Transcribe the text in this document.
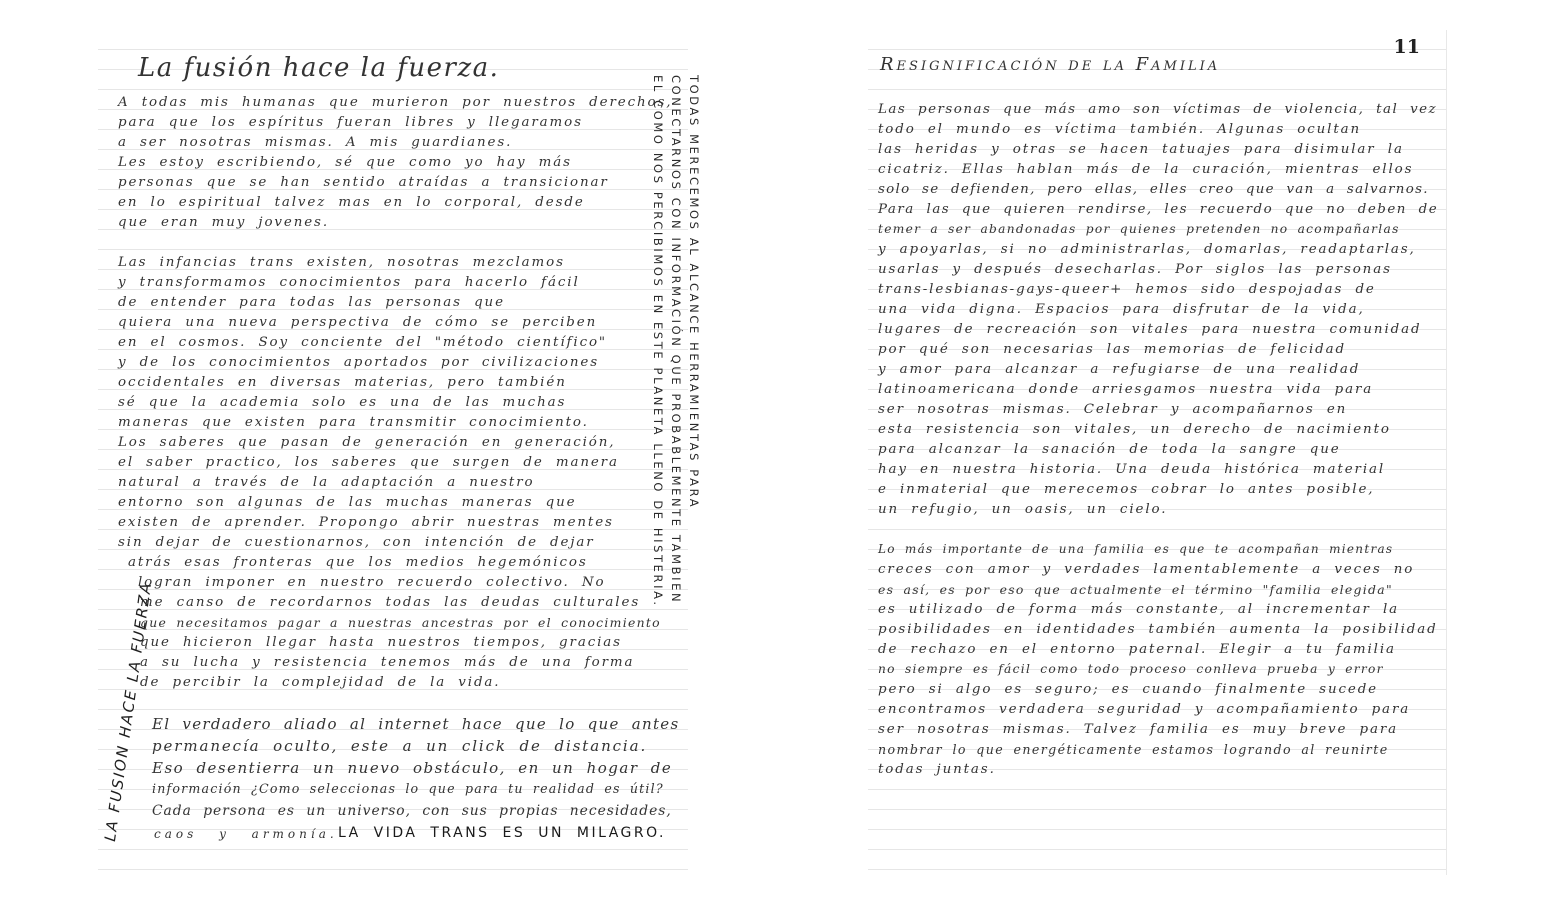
La fusión hace la fuerza.
A todas mis humanas que murieron por nuestros derechos,
para que los espíritus fueran libres y llegaramos
a ser nosotras mismas. A mis guardianes.
Les estoy escribiendo, sé que como yo hay más
personas que se han sentido atraídas a transicionar
en lo espiritual talvez mas en lo corporal, desde
que eran muy jovenes.
Las infancias trans existen, nosotras mezclamos
y transformamos conocimientos para hacerlo fácil
de entender para todas las personas que
quiera una nueva perspectiva de cómo se perciben
en el cosmos. Soy conciente del "método científico"
y de los conocimientos aportados por civilizaciones
occidentales en diversas materias, pero también
sé que la academia solo es una de las muchas
maneras que existen para transmitir conocimiento.
Los saberes que pasan de generación en generación,
el saber practico, los saberes que surgen de manera
natural a través de la adaptación a nuestro
entorno son algunas de las muchas maneras que
existen de aprender. Propongo abrir nuestras mentes
sin dejar de cuestionarnos, con intención de dejar
atrás esas fronteras que los medios hegemónicos
logran imponer en nuestro recuerdo colectivo. No
me canso de recordarnos todas las deudas culturales
que necesitamos pagar a nuestras ancestras por el conocimiento
que hicieron llegar hasta nuestros tiempos, gracias
a su lucha y resistencia tenemos más de una forma
de percibir la complejidad de la vida.
El verdadero aliado al internet hace que lo que antes
permanecía oculto, este a un click de distancia.
Eso desentierra un nuevo obstáculo, en un hogar de
información ¿Como seleccionas lo que para tu realidad es útil?
Cada persona es un universo, con sus propias necesidades,
caos y armonía. LA VIDA TRANS ES UN MILAGRO.
TODAS MERECEMOS AL ALCANCE HERRAMIENTAS PARA
CONECTARNOS CON INFORMACIÓN QUE PROBABLEMENTE TAMBIEN
EL COMO NOS PERCIBIMOS EN ESTE PLANETA LLENO DE HISTERIA.
LA FUSION HACE LA FUERZA
11
Resignificación de la Familia
Las personas que más amo son víctimas de violencia, tal vez
todo el mundo es víctima también. Algunas ocultan
las heridas y otras se hacen tatuajes para disimular la
cicatriz. Ellas hablan más de la curación, mientras ellos
solo se defienden, pero ellas, elles creo que van a salvarnos.
Para las que quieren rendirse, les recuerdo que no deben de
temer a ser abandonadas por quienes pretenden no acompañarlas
y apoyarlas, si no administrarlas, domarlas, readaptarlas,
usarlas y después desecharlas. Por siglos las personas
trans-lesbianas-gays-queer+ hemos sido despojadas de
una vida digna. Espacios para disfrutar de la vida,
lugares de recreación son vitales para nuestra comunidad
por qué son necesarias las memorias de felicidad
y amor para alcanzar a refugiarse de una realidad
latinoamericana donde arriesgamos nuestra vida para
ser nosotras mismas. Celebrar y acompañarnos en
esta resistencia son vitales, un derecho de nacimiento
para alcanzar la sanación de toda la sangre que
hay en nuestra historia. Una deuda histórica material
e inmaterial que merecemos cobrar lo antes posible,
un refugio, un oasis, un cielo.
Lo más importante de una familia es que te acompañan mientras
creces con amor y verdades lamentablemente a veces no
es así, es por eso que actualmente el término "familia elegida"
es utilizado de forma más constante, al incrementar la
posibilidades en identidades también aumenta la posibilidad
de rechazo en el entorno paternal. Elegir a tu familia
no siempre es fácil como todo proceso conlleva prueba y error
pero si algo es seguro; es cuando finalmente sucede
encontramos verdadera seguridad y acompañamiento para
ser nosotras mismas. Talvez familia es muy breve para
nombrar lo que energéticamente estamos logrando al reunirte
todas juntas.
